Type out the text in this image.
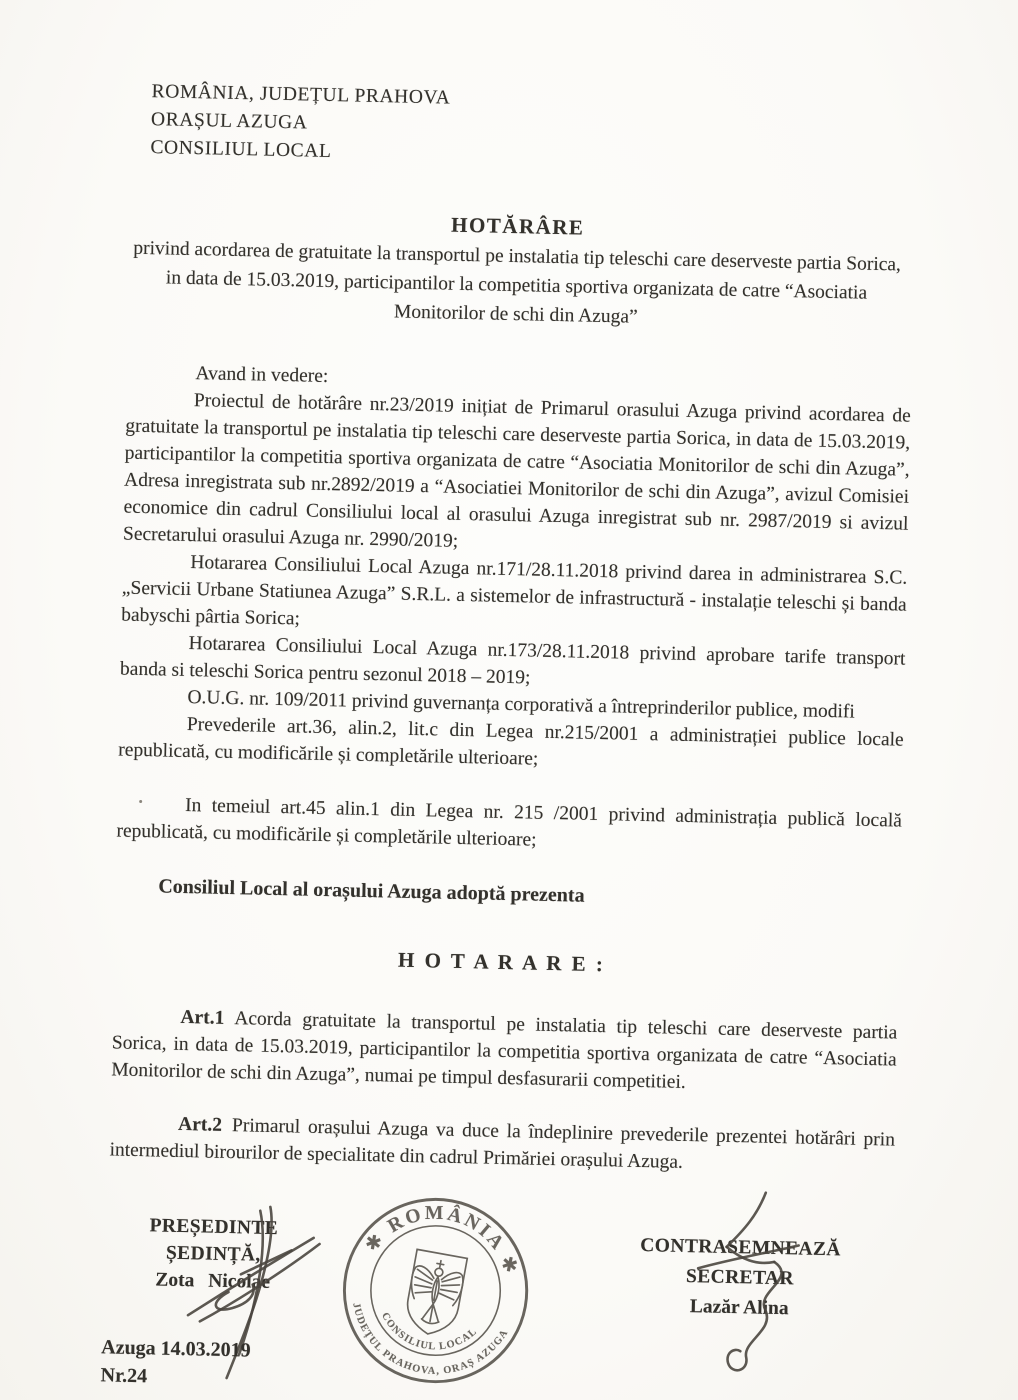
ROMÂNIA, JUDEȚUL PRAHOVA
ORAȘUL AZUGA
CONSILIUL LOCAL
HOTĂRÂRE
privind acordarea de gratuitate la transportul pe instalatia tip teleschi care deserveste partia Sorica,
in data de 15.03.2019, participantilor la competitia sportiva organizata de catre “Asociatia
Monitorilor de schi din Azuga”

Avand in vedere:

Proiectul de hotărâre nr.23/2019 inițiat de Primarul orasului Azuga privind acordarea de gratuitate la transportul pe instalatia tip teleschi care deserveste partia Sorica, in data de 15.03.2019, participantilor la competitia sportiva organizata de catre “Asociatia Monitorilor de schi din Azuga”, Adresa inregistrata sub nr.2892/2019 a “Asociatiei Monitorilor de schi din Azuga”, avizul Comisiei economice din cadrul Consiliului local al orasului Azuga inregistrat sub nr. 2987/2019 si avizul Secretarului orasului Azuga nr. 2990/2019;

Hotararea Consiliului Local Azuga nr.171/28.11.2018 privind darea in administrarea S.C. „Servicii Urbane Statiunea Azuga” S.R.L. a sistemelor de infrastructură - instalație teleschi și banda babyschi pârtia Sorica;

Hotararea Consiliului Local Azuga nr.173/28.11.2018 privind aprobare tarife transport banda si teleschi Sorica pentru sezonul 2018 – 2019;

O.U.G. nr. 109/2011 privind guvernanța corporativă a întreprinderilor publice, modifi

Prevederile art.36, alin.2, lit.c din Legea nr.215/2001 a administrației publice locale republicată, cu modificările și completările ulterioare;

In temeiul art.45 alin.1 din Legea nr. 215 /2001 privind administrația publică locală republicată, cu modificările și completările ulterioare;

Consiliul Local al orașului Azuga adoptă prezenta

H O T A R A R E :

Art.1 Acorda gratuitate la transportul pe instalatia tip teleschi care deserveste partia Sorica, in data de 15.03.2019, participantilor la competitia sportiva organizata de catre “Asociatia Monitorilor de schi din Azuga”, numai pe timpul desfasurarii competitiei.

Art.2 Primarul orașului Azuga va duce la îndeplinire prevederile prezentei hotărâri prin intermediul birourilor de specialitate din cadrul Primăriei orașului Azuga.

PREȘEDINTE ȘEDINȚĂ,
Zota Nicolae
✱ ROMÂNIA ✱
JUDEȚUL PRAHOVA, ORAȘ AZUGA
CONSILIUL LOCAL
CONTRASEMNEAZĂ SECRETAR
Lazăr Alina
Azuga 14.03.2019
Nr.24
